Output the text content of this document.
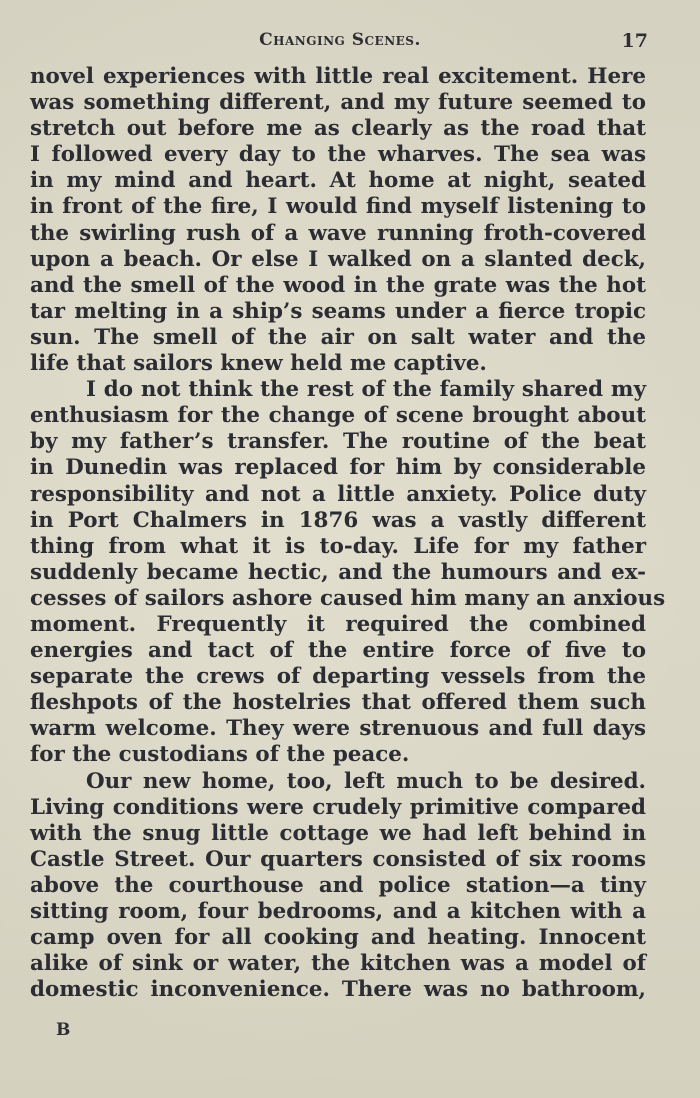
Changing Scenes.	17
novel experiences with little real excitement. Here
was something different, and my future seemed to
stretch out before me as clearly as the road that
I followed every day to the wharves. The sea was
in my mind and heart. At home at night, seated
in front of the fire, I would find myself listening to
the swirling rush of a wave running froth-covered
upon a beach. Or else I walked on a slanted deck,
and the smell of the wood in the grate was the hot
tar melting in a ship’s seams under a fierce tropic
sun. The smell of the air on salt water and the
life that sailors knew held me captive.
I do not think the rest of the family shared my
enthusiasm for the change of scene brought about
by my father’s transfer. The routine of the beat
in Dunedin was replaced for him by considerable
responsibility and not a little anxiety. Police duty
in Port Chalmers in 1876 was a vastly different
thing from what it is to-day. Life for my father
suddenly became hectic, and the humours and ex-
cesses of sailors ashore caused him many an anxious
moment. Frequently it required the combined
energies and tact of the entire force of five to
separate the crews of departing vessels from the
fleshpots of the hostelries that offered them such
warm welcome. They were strenuous and full days
for the custodians of the peace.
Our new home, too, left much to be desired.
Living conditions were crudely primitive compared
with the snug little cottage we had left behind in
Castle Street. Our quarters consisted of six rooms
above the courthouse and police station—a tiny
sitting room, four bedrooms, and a kitchen with a
camp oven for all cooking and heating. Innocent
alike of sink or water, the kitchen was a model of
domestic inconvenience. There was no bathroom,
B
